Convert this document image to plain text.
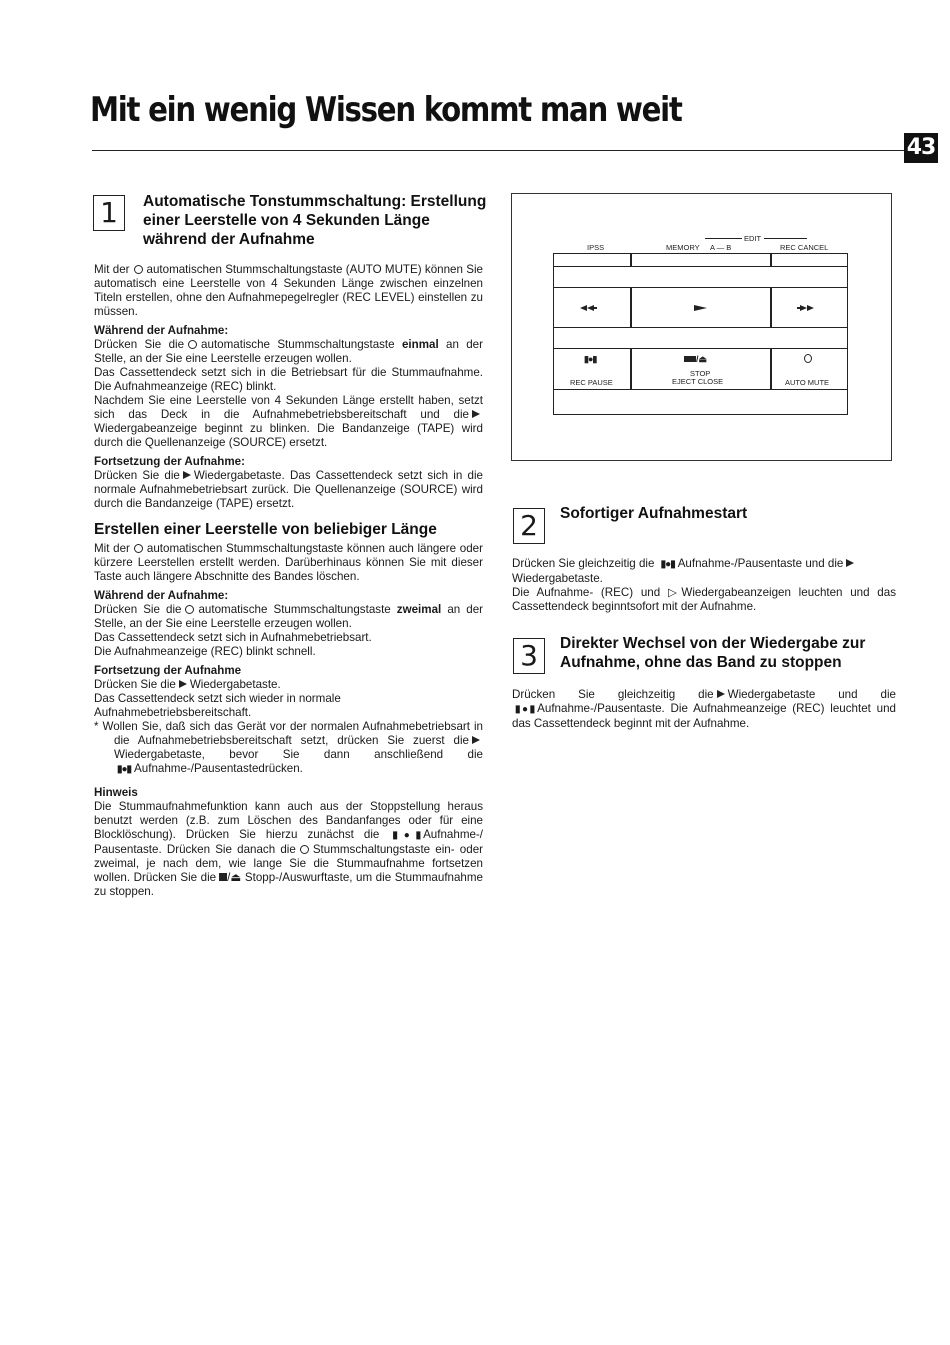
Mit ein wenig Wissen kommt man weit
43
1	Automatische Tonstummschaltung: Erstellung einer Leerstelle von 4 Sekunden Länge während der Aufnahme

Mit der automatischen Stummschaltungstaste (AUTO MUTE) können Sie automatisch eine Leerstelle von 4 Sekunden Länge zwischen einzelnen Titeln erstellen, ohne den Aufnahmepegelregler (REC LEVEL) einstellen zu müssen.

Während der Aufnahme:

Drücken Sie die automatische Stummschaltungstaste einmal an der Stelle, an der Sie eine Leerstelle erzeugen wollen.

Das Cassettendeck setzt sich in die Betriebsart für die Stummaufnahme. Die Aufnahmeanzeige (REC) blinkt.

Nachdem Sie eine Leerstelle von 4 Sekunden Länge erstellt haben, setzt sich das Deck in die Aufnahmebetriebsbereitschaft und dieWiedergabeanzeige beginnt zu blinken. Die Bandanzeige (TAPE) wird durch die Quellenanzeige (SOURCE) ersetzt.

Fortsetzung der Aufnahme:

Drücken Sie die Wiedergabetaste. Das Cassettendeck setzt sich in die normale Aufnahmebetriebsart zurück. Die Quellenanzeige (SOURCE) wird durch die Bandanzeige (TAPE) ersetzt.

Erstellen einer Leerstelle von beliebiger Länge

Mit der automatischen Stummschaltungstaste können auch längere oder kürzere Leerstellen erstellt werden. Darüberhinaus können Sie mit dieser Taste auch längere Abschnitte des Bandes löschen.

Während der Aufnahme:

Drücken Sie die automatische Stummschaltungstaste zweimal an der Stelle, an der Sie eine Leerstelle erzeugen wollen.

Das Cassettendeck setzt sich in Aufnahmebetriebsart.

Die Aufnahmeanzeige (REC) blinkt schnell.

Fortsetzung der Aufnahme

Drücken Sie die Wiedergabetaste.

Das Cassettendeck setzt sich wieder in normale Aufnahmebetriebsbereitschaft.

* Wollen Sie, daß sich das Gerät vor der normalen Aufnahmebetriebsart in die Aufnahmebetriebsbereitschaft setzt, drücken Sie zuerst dieWiedergabetaste, bevor Sie dann anschließend die ▮●▮ Aufnahme-/Pausentastedrücken.

Hinweis

Die Stummaufnahmefunktion kann auch aus der Stoppstellung heraus benutzt werden (z.B. zum Löschen des Bandanfanges oder für eine Blocklöschung). Drücken Sie hierzu zunächst die ▮●▮ Aufnahme-/ Pausentaste. Drücken Sie danach die Stummschaltungstaste ein- oder zweimal, je nach dem, wie lange Sie die Stummaufnahme fortsetzen wollen. Drücken Sie die /⏏ Stopp-/Auswurftaste, um die Stummaufnahme zu stoppen.

IPSS	MEMORY A — B
EDIT
REC CANCEL
▮●▮	/⏏
REC PAUSE
STOP
EJECT CLOSE	AUTO MUTE
2	Sofortiger Aufnahmestart

Drücken Sie gleichzeitig die ▮●▮ Aufnahme-/Pausentaste und dieWiedergabetaste.

Die Aufnahme- (REC) und ▷Wiedergabeanzeigen leuchten und das Cassettendeck beginntsofort mit der Aufnahme.

3	Direkter Wechsel von der Wiedergabe zur Aufnahme, ohne das Band zu stoppen

Drücken Sie gleichzeitig die Wiedergabetaste und die ▮●▮ Aufnahme-/Pausentaste. Die Aufnahmeanzeige (REC) leuchtet und das Cassettendeck beginnt mit der Aufnahme.
